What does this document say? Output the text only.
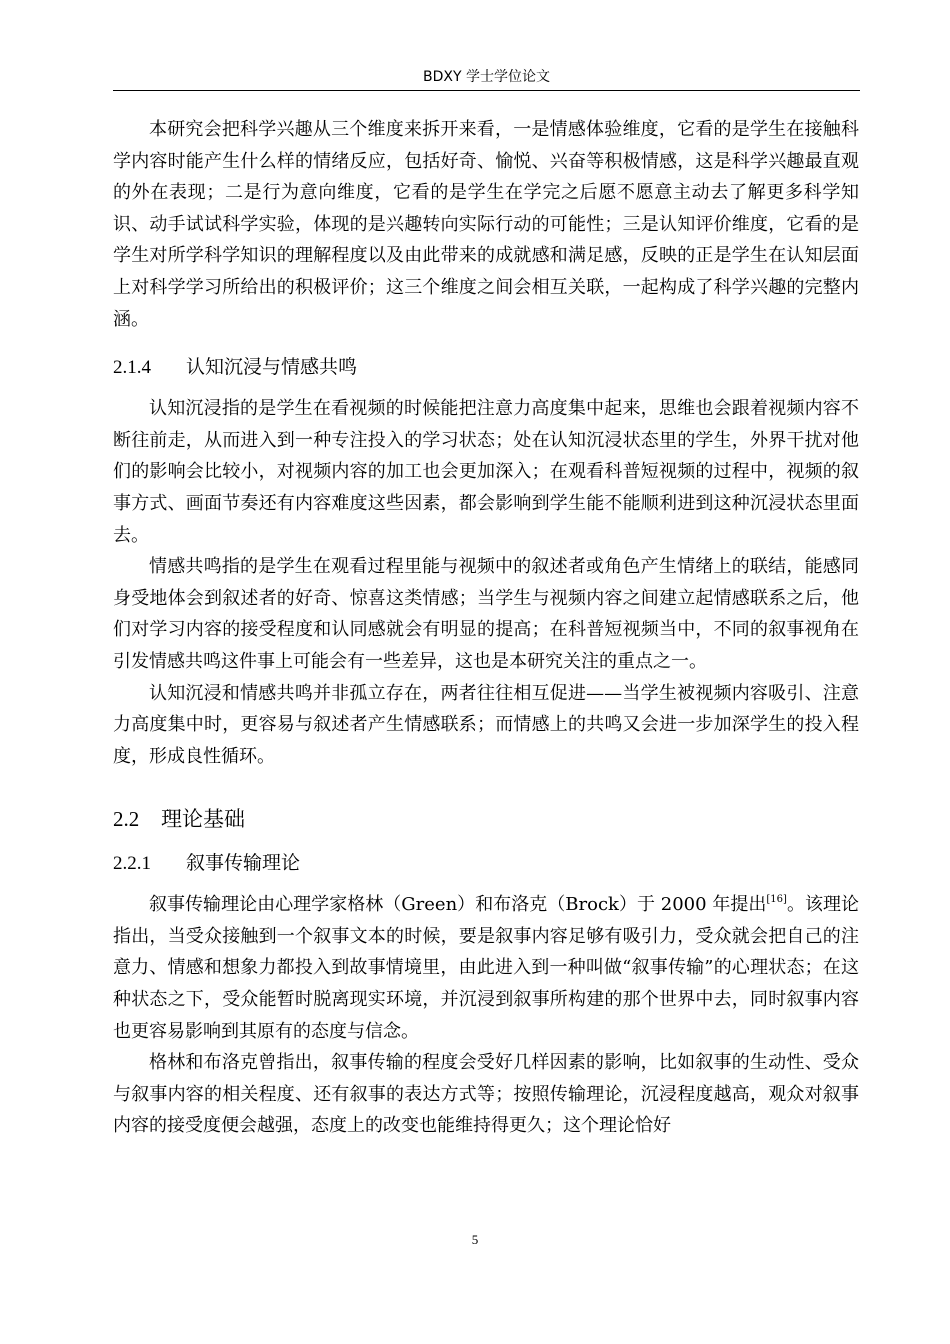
BDXY 学士学位论文

本研究会把科学兴趣从三个维度来拆开来看，一是情感体验维度，它看的是学生在接触科学内容时能产生什么样的情绪反应，包括好奇、愉悦、兴奋等积极情感，这是科学兴趣最直观的外在表现；二是行为意向维度，它看的是学生在学完之后愿不愿意主动去了解更多科学知识、动手试试科学实验，体现的是兴趣转向实际行动的可能性；三是认知评价维度，它看的是学生对所学科学知识的理解程度以及由此带来的成就感和满足感，反映的正是学生在认知层面上对科学学习所给出的积极评价；这三个维度之间会相互关联，一起构成了科学兴趣的完整内涵。

2.1.4 认知沉浸与情感共鸣

认知沉浸指的是学生在看视频的时候能把注意力高度集中起来，思维也会跟着视频内容不断往前走，从而进入到一种专注投入的学习状态；处在认知沉浸状态里的学生，外界干扰对他们的影响会比较小，对视频内容的加工也会更加深入；在观看科普短视频的过程中，视频的叙事方式、画面节奏还有内容难度这些因素，都会影响到学生能不能顺利进到这种沉浸状态里面去。

情感共鸣指的是学生在观看过程里能与视频中的叙述者或角色产生情绪上的联结，能感同身受地体会到叙述者的好奇、惊喜这类情感；当学生与视频内容之间建立起情感联系之后，他们对学习内容的接受程度和认同感就会有明显的提高；在科普短视频当中，不同的叙事视角在引发情感共鸣这件事上可能会有一些差异，这也是本研究关注的重点之一。

认知沉浸和情感共鸣并非孤立存在，两者往往相互促进——当学生被视频内容吸引、注意力高度集中时，更容易与叙述者产生情感联系；而情感上的共鸣又会进一步加深学生的投入程度，形成良性循环。

2.2 理论基础
2.2.1 叙事传输理论

叙事传输理论由心理学家格林（Green）和布洛克（Brock）于 2000 年提出[16]。该理论指出，当受众接触到一个叙事文本的时候，要是叙事内容足够有吸引力，受众就会把自己的注意力、情感和想象力都投入到故事情境里，由此进入到一种叫做“叙事传输”的心理状态；在这种状态之下，受众能暂时脱离现实环境，并沉浸到叙事所构建的那个世界中去，同时叙事内容也更容易影响到其原有的态度与信念。

格林和布洛克曾指出，叙事传输的程度会受好几样因素的影响，比如叙事的生动性、受众与叙事内容的相关程度、还有叙事的表达方式等；按照传输理论，沉浸程度越高，观众对叙事内容的接受度便会越强，态度上的改变也能维持得更久；这个理论恰好

5
